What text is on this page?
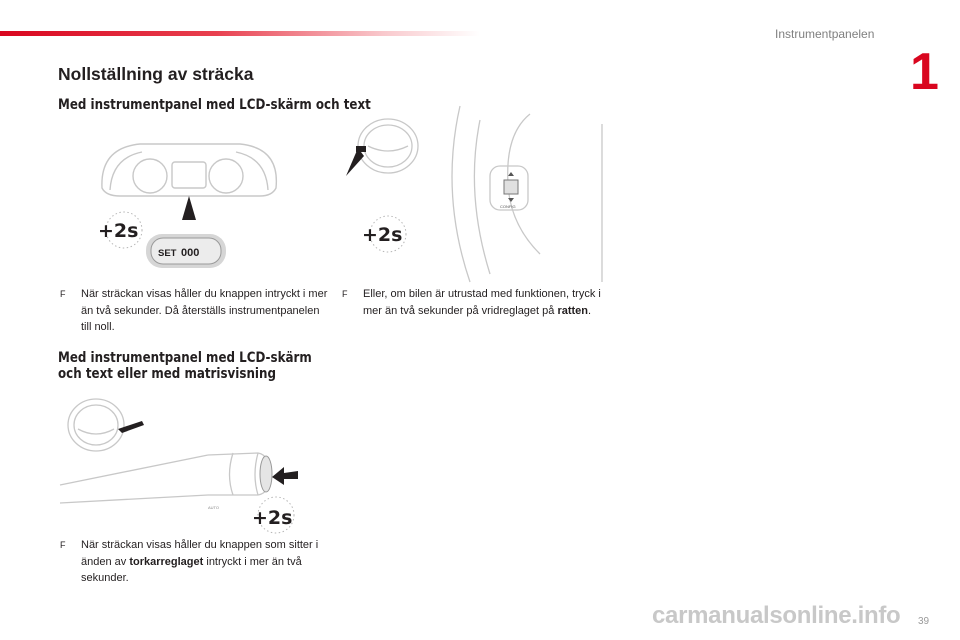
Instrumentpanelen
1
Nollställning av sträcka
Med instrumentpanel med LCD-skärm och text
+2s
SET 000
CONFIG
+2s
F	När sträckan visas håller du knappen intryckt i mer än två sekunder. Då återställs instrumentpanelen till noll.
F	Eller, om bilen är utrustad med funktionen, tryck i mer än två sekunder på vridreglaget på ratten.
Med instrumentpanel med LCD-skärm och text eller med matrisvisning
AUTO +2s
F	När sträckan visas håller du knappen som sitter i änden av torkarreglaget intryckt i mer än två sekunder.
carmanualsonline.info 39
